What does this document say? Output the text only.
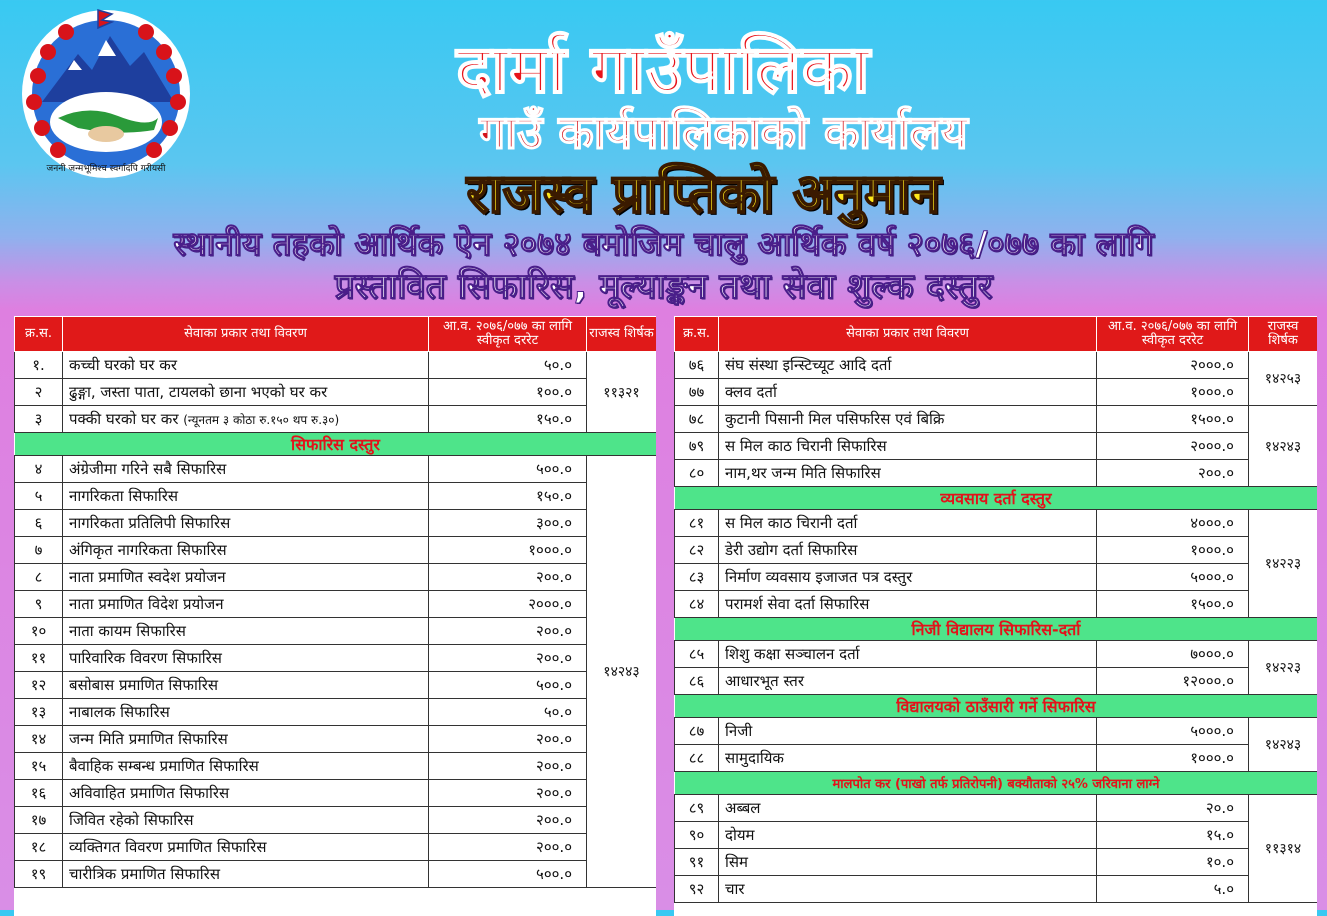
जननी जन्मभूमिश्च स्वर्गादपि गरीयसी
दार्मा गाउँपालिका
गाउँ कार्यपालिकाको कार्यालय
राजस्व प्राप्तिको अनुमान
स्थानीय तहको आर्थिक ऐन २०७४ बमोजिम चालु आर्थिक वर्ष २०७६/०७७ का लागि
प्रस्तावित सिफारिस, मूल्याङ्कन तथा सेवा शुल्क दस्तुर
क्र.स.	सेवाका प्रकार तथा विवरण	आ.व. २०७६/०७७ का लागि स्वीकृत दररेट	राजस्व शिर्षक
१.	कच्ची घरको घर कर	५०.०	११३२१
२	ढुङ्गा, जस्ता पाता, टायलको छाना भएको घर कर	१००.०	
३	पक्की घरको घर कर (न्यूनतम ३ कोठा रु.१५० थप रु.३०)	१५०.०	
सिफारिस दस्तुर			
४	अंग्रेजीमा गरिने सबै सिफारिस	५००.०	१४२४३
५	नागरिकता सिफारिस	१५०.०	
६	नागरिकता प्रतिलिपी सिफारिस	३००.०	
७	अंगिकृत नागरिकता सिफारिस	१०००.०	
८	नाता प्रमाणित स्वदेश प्रयोजन	२००.०	
९	नाता प्रमाणित विदेश प्रयोजन	२०००.०	
१०	नाता कायम सिफारिस	२००.०	
११	पारिवारिक विवरण सिफारिस	२००.०	
१२	बसोबास प्रमाणित सिफारिस	५००.०	
१३	नाबालक सिफारिस	५०.०	
१४	जन्म मिति प्रमाणित सिफारिस	२००.०	
१५	बैवाहिक सम्बन्ध प्रमाणित सिफारिस	२००.०	
१६	अविवाहित प्रमाणित सिफारिस	२००.०	
१७	जिवित रहेको सिफारिस	२००.०	
१८	व्यक्तिगत विवरण प्रमाणित सिफारिस	२००.०	
१९	चारीत्रिक प्रमाणित सिफारिस	५००.०	
क्र.स.	सेवाका प्रकार तथा विवरण	आ.व. २०७६/०७७ का लागि स्वीकृत दररेट	राजस्व शिर्षक
७६	संघ संस्था इन्स्टिच्यूट आदि दर्ता	२०००.०	१४२५३
७७	क्लव दर्ता	१०००.०	
७८	कुटानी पिसानी मिल पसिफरिस एवं बिक्रि	१५००.०	१४२४३
७९	स मिल काठ चिरानी सिफारिस	२०००.०	
८०	नाम,थर जन्म मिति सिफारिस	२००.०	
व्यवसाय दर्ता दस्तुर			
८१	स मिल काठ चिरानी दर्ता	४०००.०	१४२२३
८२	डेरी उद्योग दर्ता सिफारिस	१०००.०	
८३	निर्माण व्यवसाय इजाजत पत्र दस्तुर	५०००.०	
८४	परामर्श सेवा दर्ता सिफारिस	१५००.०	
निजी विद्यालय सिफारिस-दर्ता			
८५	शिशु कक्षा सञ्चालन दर्ता	७०००.०	१४२२३
८६	आधारभूत स्तर	१२०००.०	
विद्यालयको ठाउँसारी गर्ने सिफारिस			
८७	निजी	५०००.०	१४२४३
८८	सामुदायिक	१०००.०	
मालपोत कर (पाखो तर्फ प्रतिरोपनी) बक्यौताको २५% जरिवाना लाग्ने			
८९	अब्बल	२०.०	११३१४
९०	दोयम	१५.०	
९१	सिम	१०.०	
९२	चार	५.०	
